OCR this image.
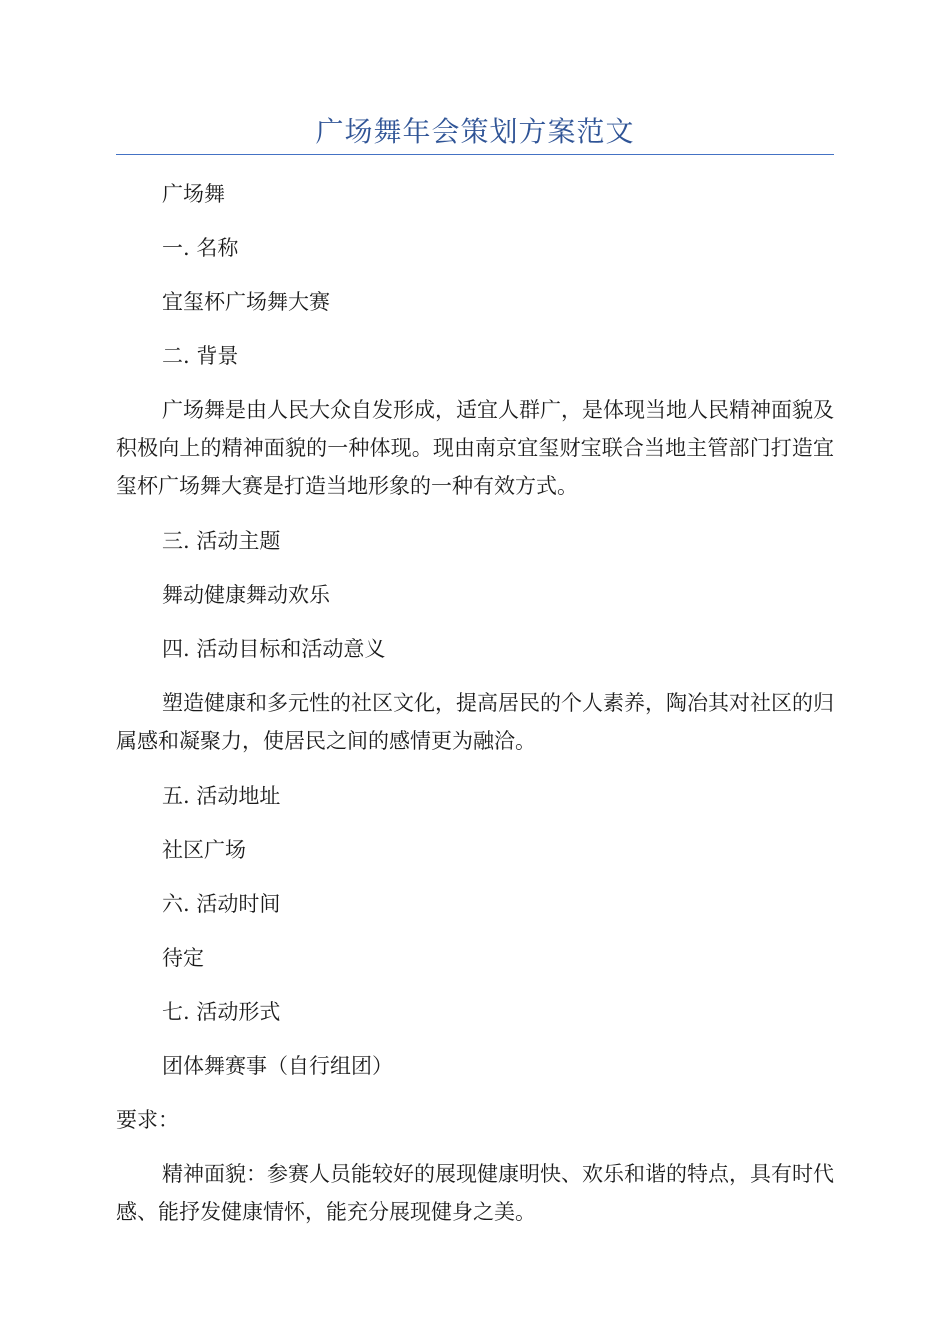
广场舞年会策划方案范文

广场舞

一. 名称

宜玺杯广场舞大赛

二. 背景

广场舞是由人民大众自发形成，适宜人群广，是体现当地人民精神面貌及积极向上的精神面貌的一种体现。现由南京宜玺财宝联合当地主管部门打造宜玺杯广场舞大赛是打造当地形象的一种有效方式。

三. 活动主题

舞动健康舞动欢乐

四. 活动目标和活动意义

塑造健康和多元性的社区文化，提高居民的个人素养，陶冶其对社区的归属感和凝聚力，使居民之间的感情更为融洽。

五. 活动地址

社区广场

六. 活动时间

待定

七. 活动形式

团体舞赛事（自行组团）

要求：

精神面貌：参赛人员能较好的展现健康明快、欢乐和谐的特点，具有时代感、能抒发健康情怀，能充分展现健身之美。
